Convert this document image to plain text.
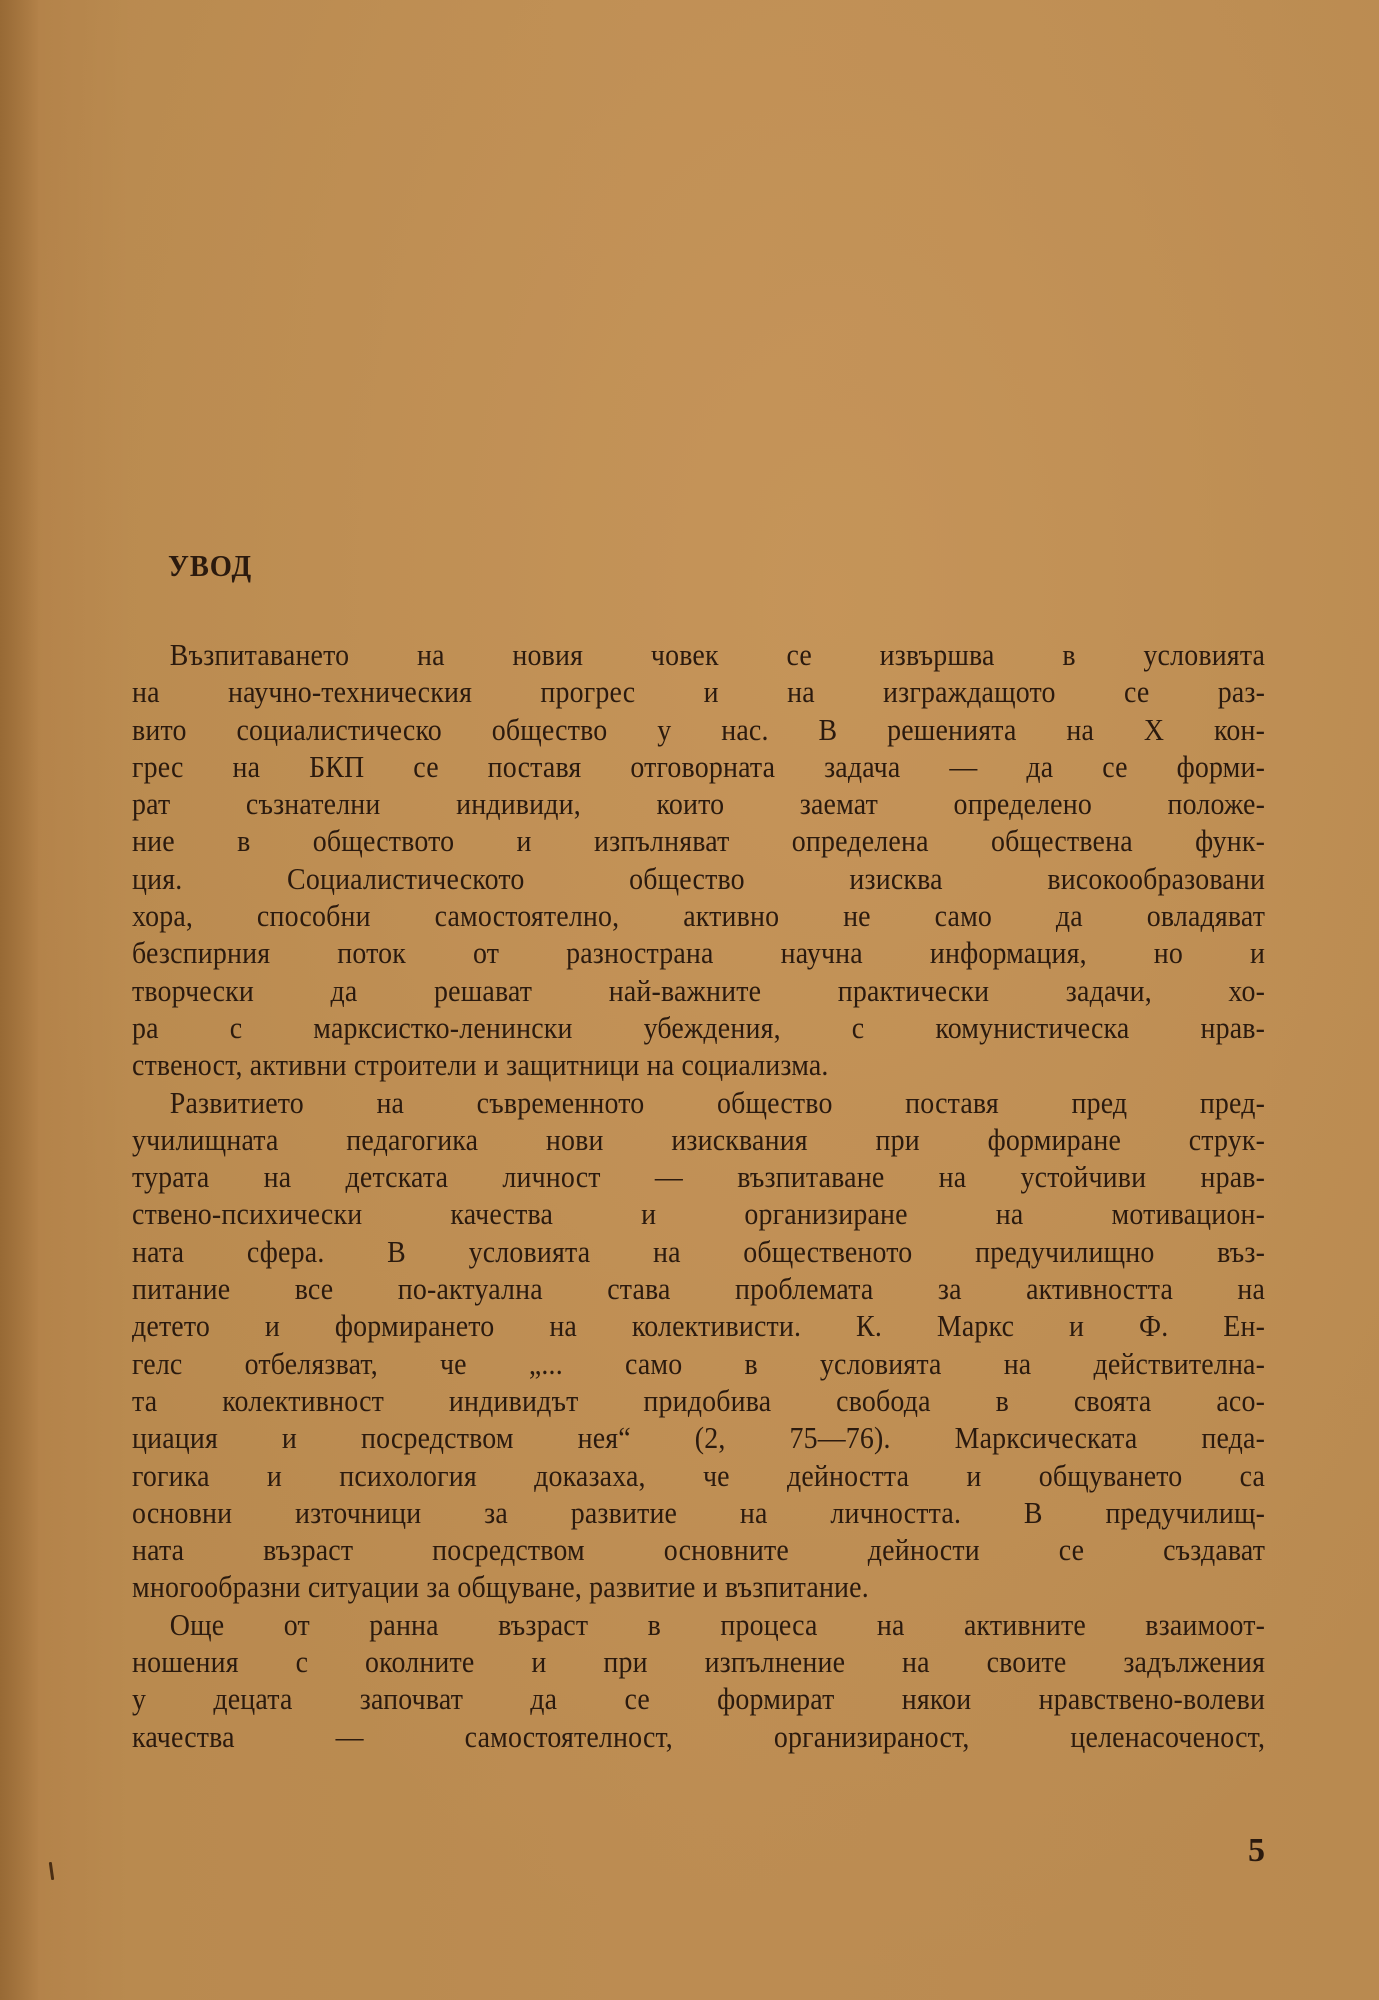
УВОД
Възпитаването на новия човек се извършва в условията
на научно-техническия прогрес и на изграждащото се раз-
вито социалистическо общество у нас. В решенията на X кон-
грес на БКП се поставя отговорната задача — да се форми-
рат съзнателни индивиди, които заемат определено положе-
ние в обществото и изпълняват определена обществена функ-
ция. Социалистическото общество изисква високообразовани
хора, способни самостоятелно, активно не само да овладяват
безспирния поток от разнострана научна информация, но и
творчески да решават най-важните практически задачи, хо-
ра с марксистко-ленински убеждения, с комунистическа нрав-
ственост, активни строители и защитници на социализма.
Развитието на съвременното общество поставя пред пред-
училищната педагогика нови изисквания при формиране струк-
турата на детската личност — възпитаване на устойчиви нрав-
ствено-психически качества и организиране на мотивацион-
ната сфера. В условията на общественото предучилищно въз-
питание все по-актуална става проблемата за активността на
детето и формирането на колективисти. К. Маркс и Ф. Ен-
гелс отбелязват, че „... само в условията на действителна-
та колективност индивидът придобива свобода в своята асо-
циация и посредством нея“ (2, 75—76). Марксическата педа-
гогика и психология доказаха, че дейността и общуването са
основни източници за развитие на личността. В предучилищ-
ната възраст посредством основните дейности се създават
многообразни ситуации за общуване, развитие и възпитание.
Още от ранна възраст в процеса на активните взаимоот-
ношения с околните и при изпълнение на своите задължения
у децата започват да се формират някои нравствено-волеви
качества — самостоятелност, организираност, целенасоченост,
5
